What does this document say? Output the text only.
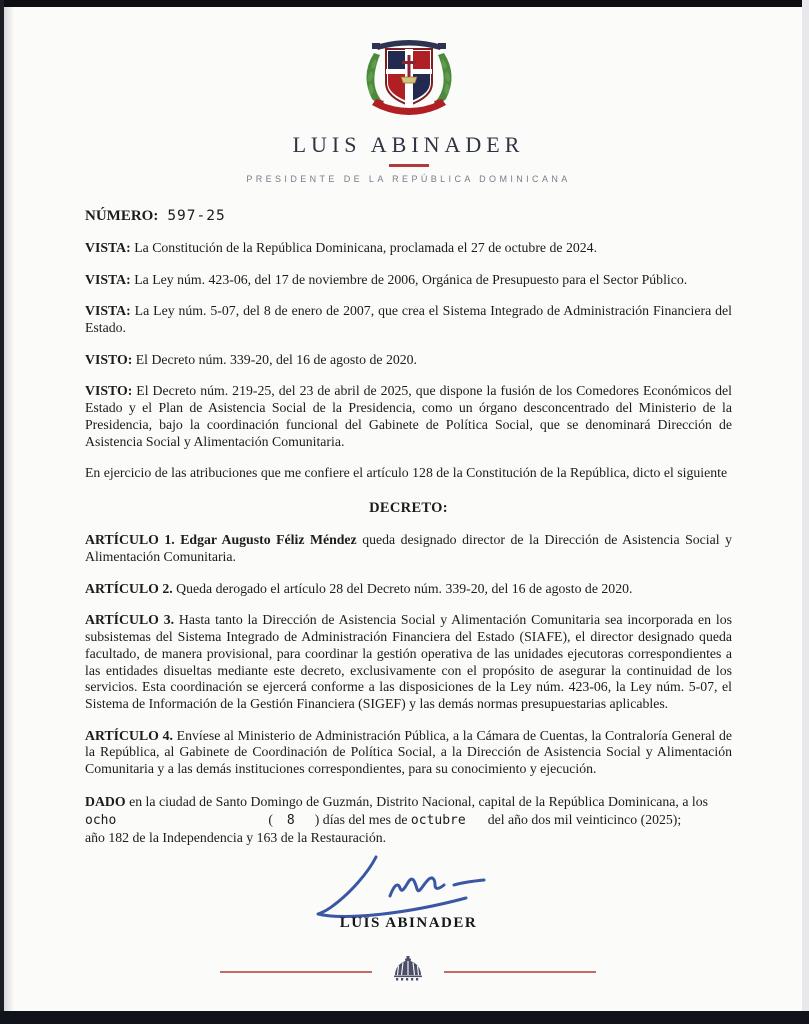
LUIS ABINADER
PRESIDENTE DE LA REPÚBLICA DOMINICANA
NÚMERO: 597-25
VISTA: La Constitución de la República Dominicana, proclamada el 27 de octubre de 2024.
VISTA: La Ley núm. 423-06, del 17 de noviembre de 2006, Orgánica de Presupuesto para el Sector Público.
VISTA: La Ley núm. 5-07, del 8 de enero de 2007, que crea el Sistema Integrado de Administración Financiera del Estado.
VISTO: El Decreto núm. 339-20, del 16 de agosto de 2020.
VISTO: El Decreto núm. 219-25, del 23 de abril de 2025, que dispone la fusión de los Comedores Económicos del Estado y el Plan de Asistencia Social de la Presidencia, como un órgano desconcentrado del Ministerio de la Presidencia, bajo la coordinación funcional del Gabinete de Política Social, que se denominará Dirección de Asistencia Social y Alimentación Comunitaria.
En ejercicio de las atribuciones que me confiere el artículo 128 de la Constitución de la República, dicto el siguiente
DECRETO:
ARTÍCULO 1. Edgar Augusto Féliz Méndez queda designado director de la Dirección de Asistencia Social y Alimentación Comunitaria.
ARTÍCULO 2. Queda derogado el artículo 28 del Decreto núm. 339-20, del 16 de agosto de 2020.
ARTÍCULO 3. Hasta tanto la Dirección de Asistencia Social y Alimentación Comunitaria sea incorporada en los subsistemas del Sistema Integrado de Administración Financiera del Estado (SIAFE), el director designado queda facultado, de manera provisional, para coordinar la gestión operativa de las unidades ejecutoras correspondientes a las entidades disueltas mediante este decreto, exclusivamente con el propósito de asegurar la continuidad de los servicios. Esta coordinación se ejercerá conforme a las disposiciones de la Ley núm. 423-06, la Ley núm. 5-07, el Sistema de Información de la Gestión Financiera (SIGEF) y las demás normas presupuestarias aplicables.
ARTÍCULO 4. Envíese al Ministerio de Administración Pública, a la Cámara de Cuentas, la Contraloría General de la República, al Gabinete de Coordinación de Política Social, a la Dirección de Asistencia Social y Alimentación Comunitaria y a las demás instituciones correspondientes, para su conocimiento y ejecución.
DADO en la ciudad de Santo Domingo de Guzmán, Distrito Nacional, capital de la República Dominicana, a los
ocho	( 8 ) días del mes de octubre del año dos mil veinticinco (2025);
año 182 de la Independencia y 163 de la Restauración.
LUIS ABINADER
